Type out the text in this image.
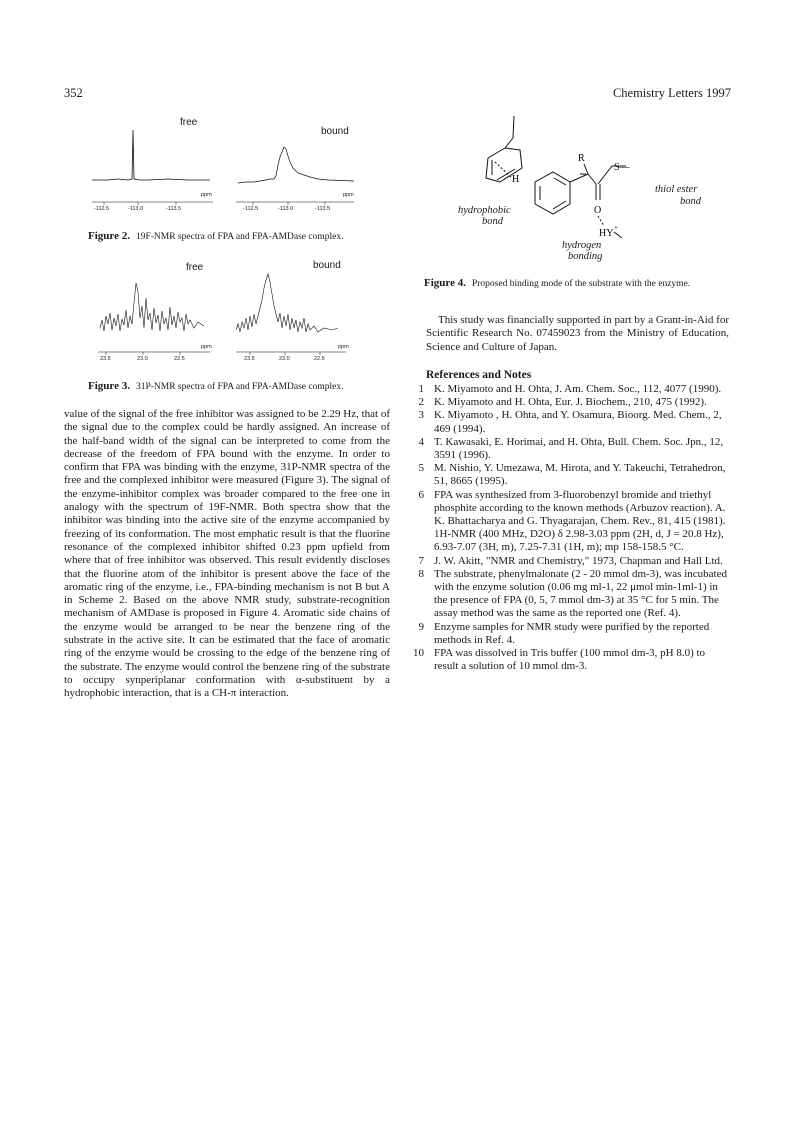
352	Chemistry Letters 1997
free
bound
ppm	ppm
-112.5	-113.0	-113.5	-112.5	-113.0	-113.5
Figure 2. 19F-NMR spectra of FPA and FPA-AMDase complex.
free	bound
ppm	ppm
23.5	23.0	22.5	23.5	23.0	22.5
Figure 3. 31P-NMR spectra of FPA and FPA-AMDase complex.
value of the signal of the free inhibitor was assigned to be 2.29 Hz, that of the signal due to the complex could be hardly assigned. An increase of the half-band width of the signal can be interpreted to come from the decrease of the freedom of FPA bound with the enzyme. In order to confirm that FPA was binding with the enzyme, 31P-NMR spectra of the free and the complexed inhibitor were measured (Figure 3). The signal of the enzyme-inhibitor complex was broader compared to the free one in analogy with the spectrum of 19F-NMR. Both spectra show that the inhibitor was binding into the active site of the enzyme accompanied by freezing of its conformation. The most emphatic result is that the fluorine resonance of the complexed inhibitor shifted 0.23 ppm upfield from where that of free inhibitor was observed. This result evidently discloses that the fluorine atom of the inhibitor is present above the face of the aromatic ring of the enzyme, i.e., FPA-binding mechanism is not B but A in Scheme 2. Based on the above NMR study, substrate-recognition mechanism of AMDase is proposed in Figure 4. Aromatic side chains of the enzyme would be arranged to be near the benzene ring of the substrate in the active site. It can be estimated that the face of aromatic ring of the enzyme would be crossing to the edge of the benzene ring of the substrate. The enzyme would control the benzene ring of the substrate to occupy synperiplanar conformation with α-substituent by a hydrophobic interaction, that is a CH-π interaction.
R
S—
H
O
HY +
hydrophobic
bond
thiol ester
bond
hydrogen
bonding
Figure 4. Proposed binding mode of the substrate with the enzyme.
This study was financially supported in part by a Grant-in-Aid for Scientific Research No. 07459023 from the Ministry of Education, Science and Culture of Japan.
References and Notes
1 K. Miyamoto and H. Ohta, J. Am. Chem. Soc., 112, 4077 (1990).
2 K. Miyamoto and H. Ohta, Eur. J. Biochem., 210, 475 (1992).
3 K. Miyamoto , H. Ohta, and Y. Osamura, Bioorg. Med. Chem., 2, 469 (1994).
4 T. Kawasaki, E. Horimai, and H. Ohta, Bull. Chem. Soc. Jpn., 12, 3591 (1996).
5 M. Nishio, Y. Umezawa, M. Hirota, and Y. Takeuchi, Tetrahedron, 51, 8665 (1995).
6 FPA was synthesized from 3-fluorobenzyl bromide and triethyl phosphite according to the known methods (Arbuzov reaction). A. K. Bhattacharya and G. Thyagarajan, Chem. Rev., 81, 415 (1981). 1H-NMR (400 MHz, D2O) δ 2.98-3.03 ppm (2H, d, J = 20.8 Hz), 6.93-7.07 (3H, m), 7.25-7.31 (1H, m); mp 158-158.5 °C.
7 J. W. Akitt, "NMR and Chemistry," 1973, Chapman and Hall Ltd.
8 The substrate, phenylmalonate (2 - 20 mmol dm-3), was incubated with the enzyme solution (0.06 mg ml-1, 22 μmol min-1ml-1) in the presence of FPA (0, 5, 7 mmol dm-3) at 35 °C for 5 min. The assay method was the same as the reported one (Ref. 4).
9 Enzyme samples for NMR study were purified by the reported methods in Ref. 4.
10 FPA was dissolved in Tris buffer (100 mmol dm-3, pH 8.0) to result a solution of 10 mmol dm-3.
